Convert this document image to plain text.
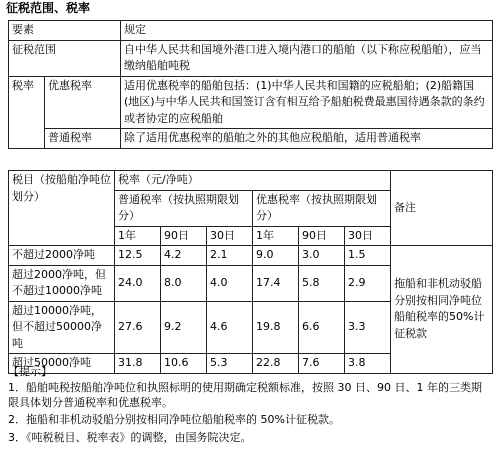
征税范围、税率
要素		规定
征税范围		自中华人民共和国境外港口进入境内港口的船舶（以下称应税船舶），应当缴纳船舶吨税
税率	优惠税率	适用优惠税率的船舶包括：(1)中华人民共和国籍的应税船舶；(2)船籍国(地区)与中华人民共和国签订含有相互给予船舶税费最惠国待遇条款的条约或者协定的应税船舶
	普通税率	除了适用优惠税率的船舶之外的其他应税船舶，适用普通税率
税目（按船舶净吨位划分）	税率（元/净吨）						备注
	普通税率（按执照期限划分）			优惠税率（按执照期限划分）			
	1年	90日	30日	1年	90日	30日	
不超过2000净吨	12.5	4.2	2.1	9.0	3.0	1.5	拖船和非机动驳船分别按相同净吨位船舶税率的50%计征税款
超过2000净吨，但不超过10000净吨	24.0	8.0	4.0	17.4	5.8	2.9	
超过10000净吨，但不超过50000净吨	27.6	9.2	4.6	19.8	6.6	3.3	
超过50000净吨	31.8	10.6	5.3	22.8	7.6	3.8	
【提示】
1．船舶吨税按船舶净吨位和执照标明的使用期确定税额标准，按照 30 日、90 日、1 年的三类期限具体划分普通税率和优惠税率。
2．拖船和非机动驳船分别按相同净吨位船舶税率的 50%计征税款。
3．《吨税税目、税率表》的调整，由国务院决定。
